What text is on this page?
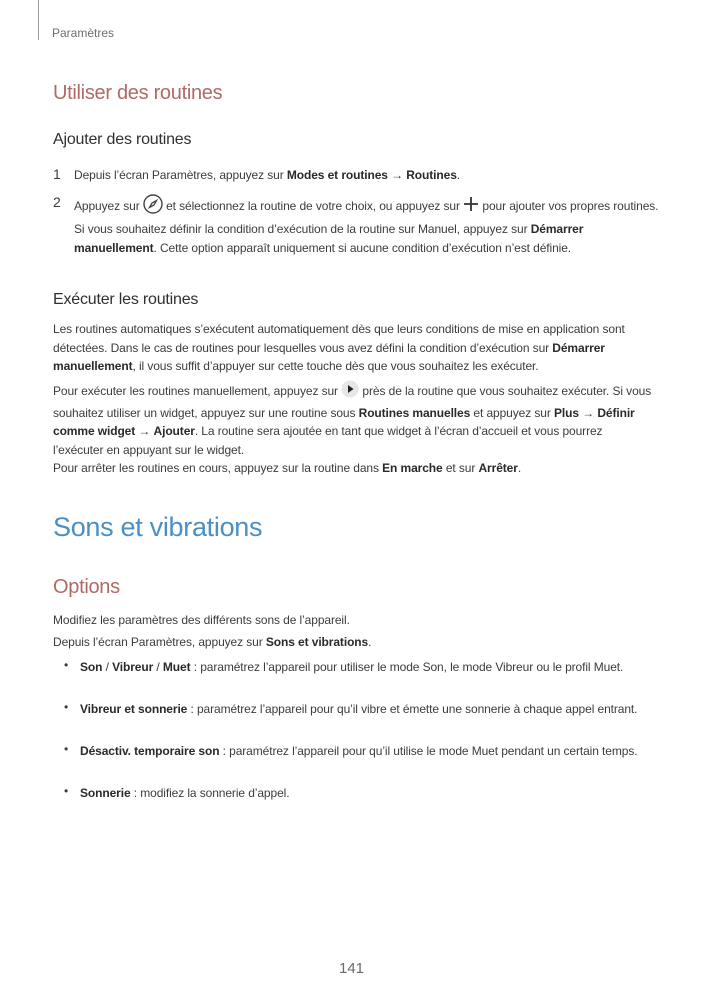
Paramètres
Utiliser des routines
Ajouter des routines
1 Depuis l’écran Paramètres, appuyez sur Modes et routines → Routines.
2 Appuyez sur  et sélectionnez la routine de votre choix, ou appuyez sur  pour ajouter vos propres routines.
Si vous souhaitez définir la condition d’exécution de la routine sur Manuel, appuyez sur Démarrer manuellement. Cette option apparaît uniquement si aucune condition d’exécution n’est définie.
Exécuter les routines
Les routines automatiques s’exécutent automatiquement dès que leurs conditions de mise en application sont détectées. Dans le cas de routines pour lesquelles vous avez défini la condition d’exécution sur Démarrer manuellement, il vous suffit d’appuyer sur cette touche dès que vous souhaitez les exécuter.
Pour exécuter les routines manuellement, appuyez sur  près de la routine que vous souhaitez exécuter. Si vous souhaitez utiliser un widget, appuyez sur une routine sous Routines manuelles et appuyez sur Plus → Définir comme widget → Ajouter. La routine sera ajoutée en tant que widget à l’écran d’accueil et vous pourrez l’exécuter en appuyant sur le widget.
Pour arrêter les routines en cours, appuyez sur la routine dans En marche et sur Arrêter.
Sons et vibrations
Options
Modifiez les paramètres des différents sons de l’appareil.
Depuis l’écran Paramètres, appuyez sur Sons et vibrations.
• Son / Vibreur / Muet : paramétrez l’appareil pour utiliser le mode Son, le mode Vibreur ou le profil Muet.
• Vibreur et sonnerie : paramétrez l’appareil pour qu’il vibre et émette une sonnerie à chaque appel entrant.
• Désactiv. temporaire son : paramétrez l’appareil pour qu’il utilise le mode Muet pendant un certain temps.
• Sonnerie : modifiez la sonnerie d’appel.
141
